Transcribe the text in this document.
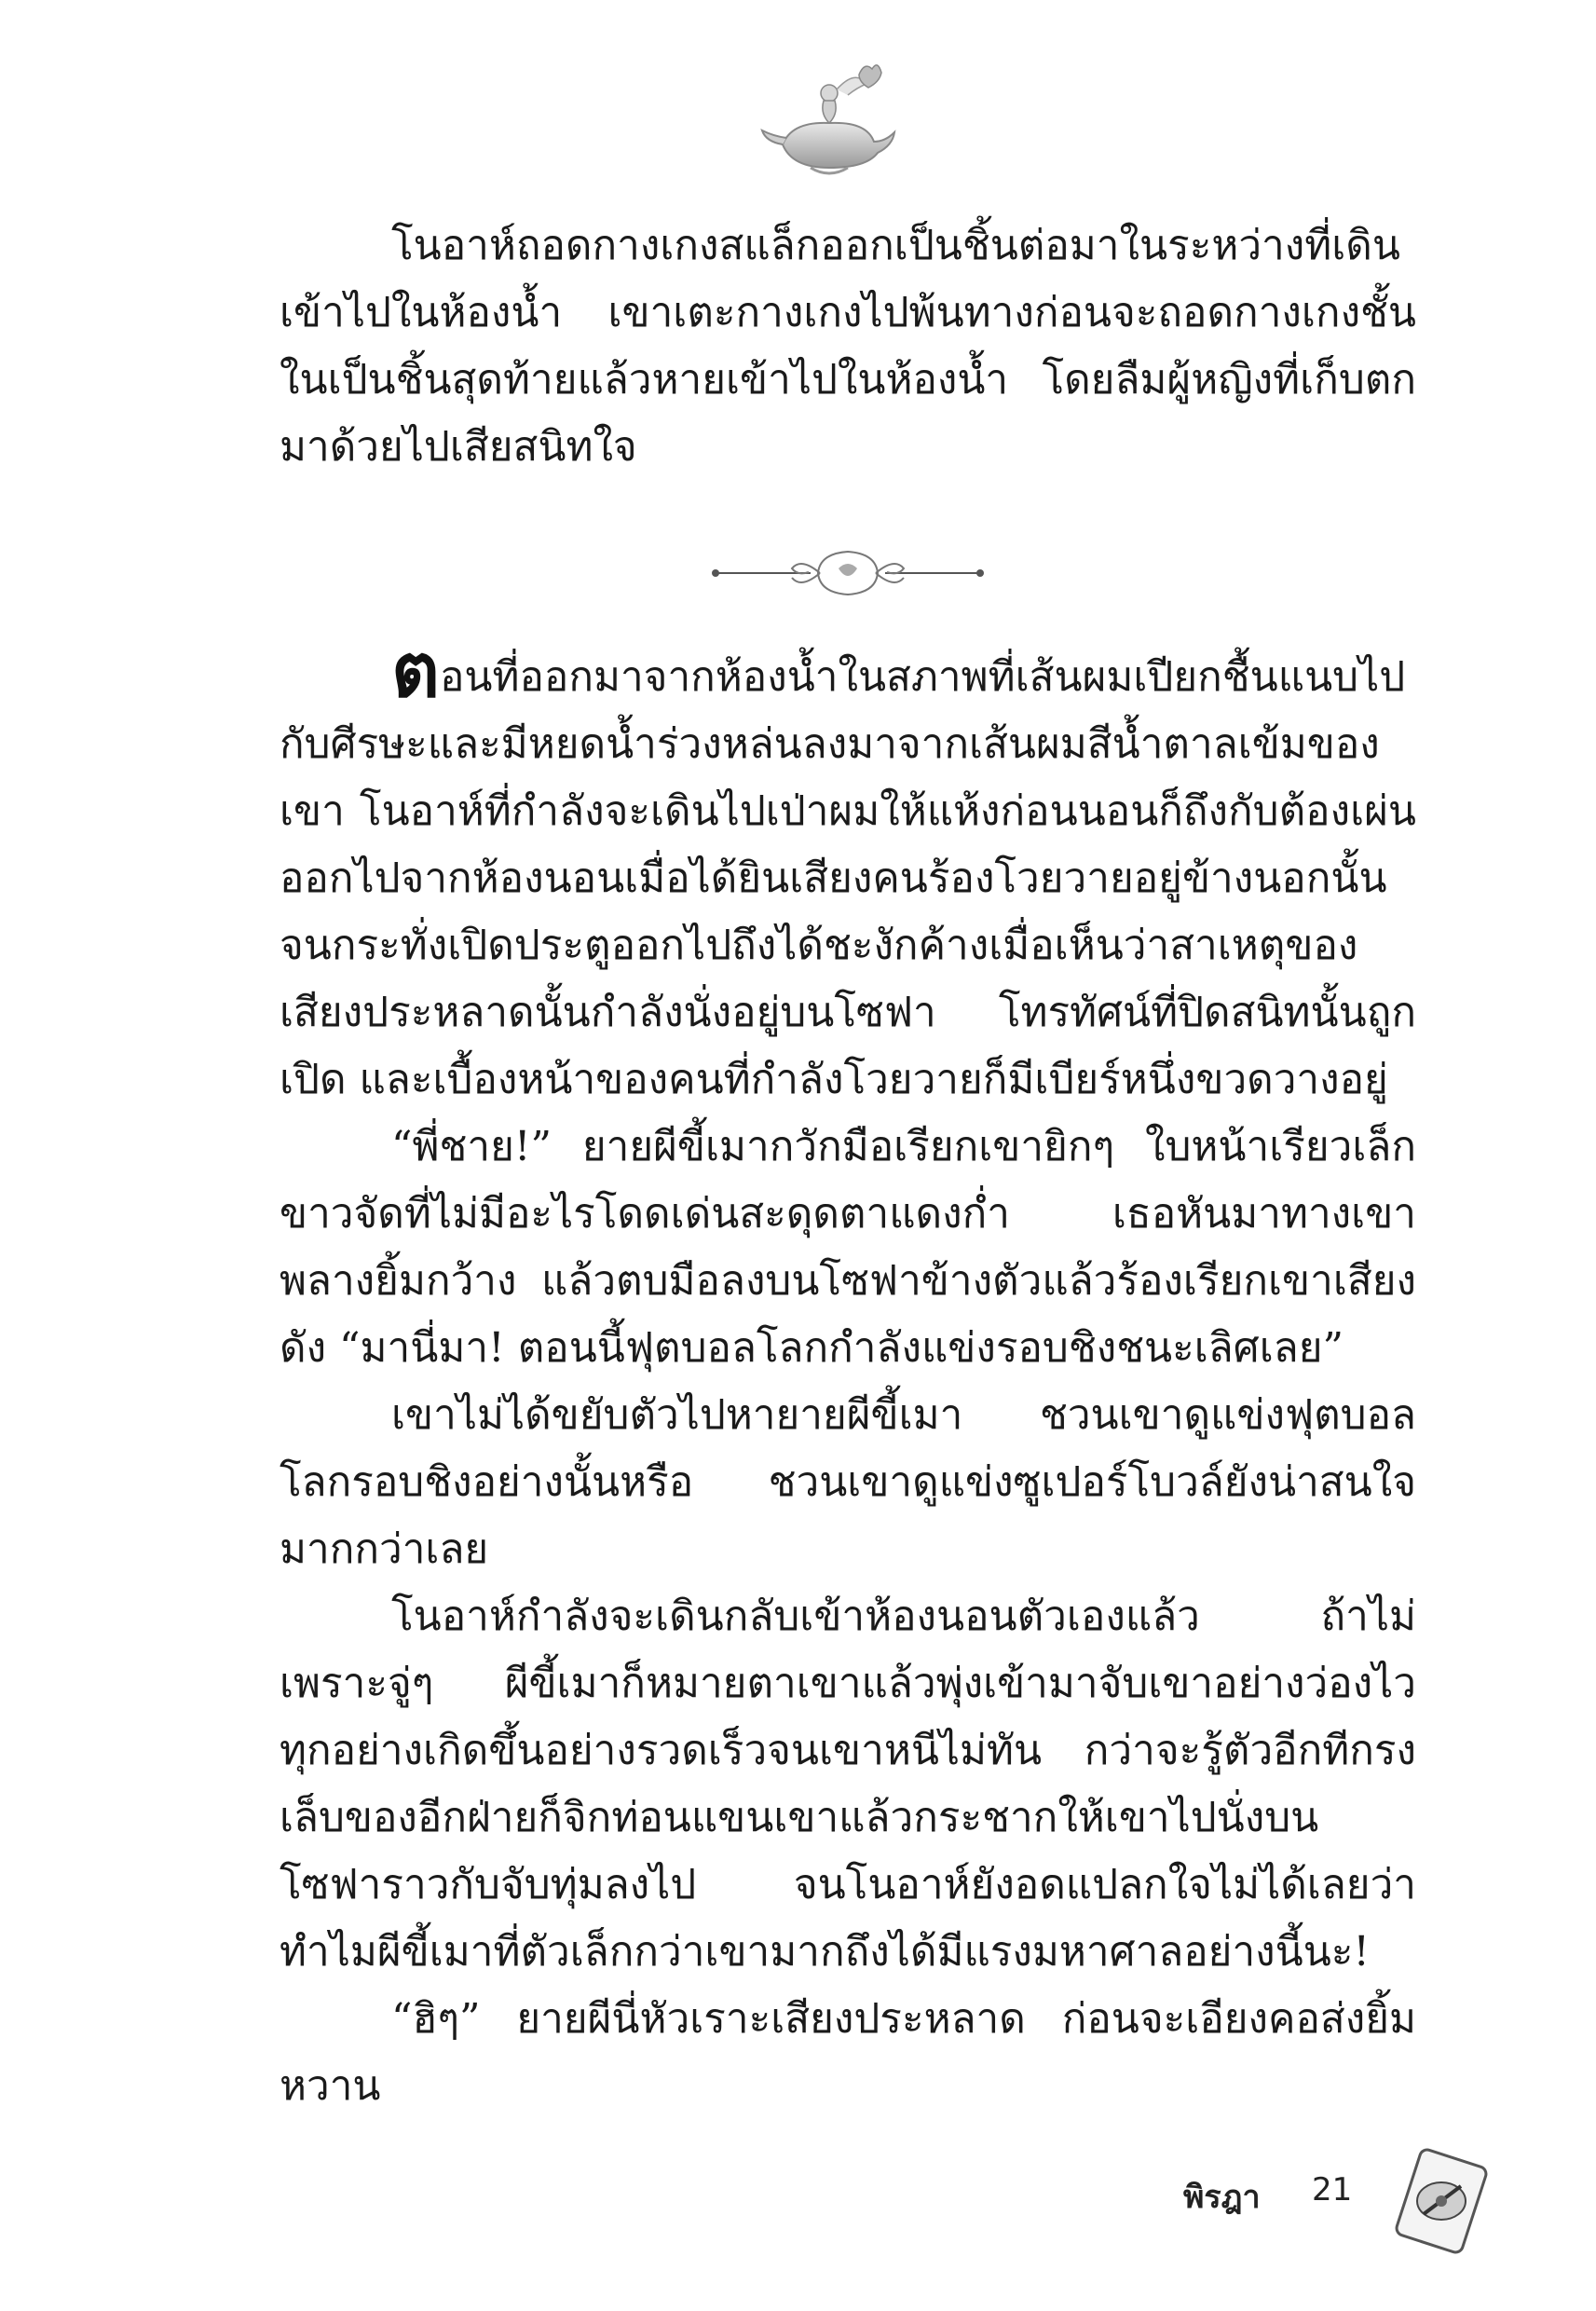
โนอาห์ถอดกางเกงสแล็กออกเป็นชิ้นต่อมาในระหว่างที่เดินเข้าไปในห้องน้ำ เขาเตะกางเกงไปพ้นทางก่อนจะถอดกางเกงชั้นในเป็นชิ้นสุดท้ายแล้วหายเข้าไปในห้องน้ำ โดยลืมผู้หญิงที่เก็บตกมาด้วยไปเสียสนิทใจ

ตอนที่ออกมาจากห้องน้ำในสภาพที่เส้นผมเปียกชื้นแนบไปกับศีรษะและมีหยดน้ำร่วงหล่นลงมาจากเส้นผมสีน้ำตาลเข้มของเขา โนอาห์ที่กำลังจะเดินไปเป่าผมให้แห้งก่อนนอนก็ถึงกับต้องเผ่นออกไปจากห้องนอนเมื่อได้ยินเสียงคนร้องโวยวายอยู่ข้างนอกนั้น จนกระทั่งเปิดประตูออกไปถึงได้ชะงักค้างเมื่อเห็นว่าสาเหตุของเสียงประหลาดนั้นกำลังนั่งอยู่บนโซฟา โทรทัศน์ที่ปิดสนิทนั้นถูกเปิด และเบื้องหน้าของคนที่กำลังโวยวายก็มีเบียร์หนึ่งขวดวางอยู่

“พี่ชาย!” ยายผีขี้เมากวักมือเรียกเขายิกๆ ใบหน้าเรียวเล็กขาวจัดที่ไม่มีอะไรโดดเด่นสะดุดตาแดงก่ำ เธอหันมาทางเขาพลางยิ้มกว้าง แล้วตบมือลงบนโซฟาข้างตัวแล้วร้องเรียกเขาเสียงดัง “มานี่มา! ตอนนี้ฟุตบอลโลกกำลังแข่งรอบชิงชนะเลิศเลย”

เขาไม่ได้ขยับตัวไปหายายผีขี้เมา ชวนเขาดูแข่งฟุตบอลโลกรอบชิงอย่างนั้นหรือ ชวนเขาดูแข่งซูเปอร์โบวล์ยังน่าสนใจมากกว่าเลย

โนอาห์กำลังจะเดินกลับเข้าห้องนอนตัวเองแล้ว ถ้าไม่เพราะจู่ๆ ผีขี้เมาก็หมายตาเขาแล้วพุ่งเข้ามาจับเขาอย่างว่องไว ทุกอย่างเกิดขึ้นอย่างรวดเร็วจนเขาหนีไม่ทัน กว่าจะรู้ตัวอีกทีกรงเล็บของอีกฝ่ายก็จิกท่อนแขนเขาแล้วกระชากให้เขาไปนั่งบนโซฟาราวกับจับทุ่มลงไป จนโนอาห์ยังอดแปลกใจไม่ได้เลยว่าทำไมผีขี้เมาที่ตัวเล็กกว่าเขามากถึงได้มีแรงมหาศาลอย่างนี้นะ!

“ฮิๆ” ยายผีนี่หัวเราะเสียงประหลาด ก่อนจะเอียงคอส่งยิ้มหวาน

พิรฎา 21
